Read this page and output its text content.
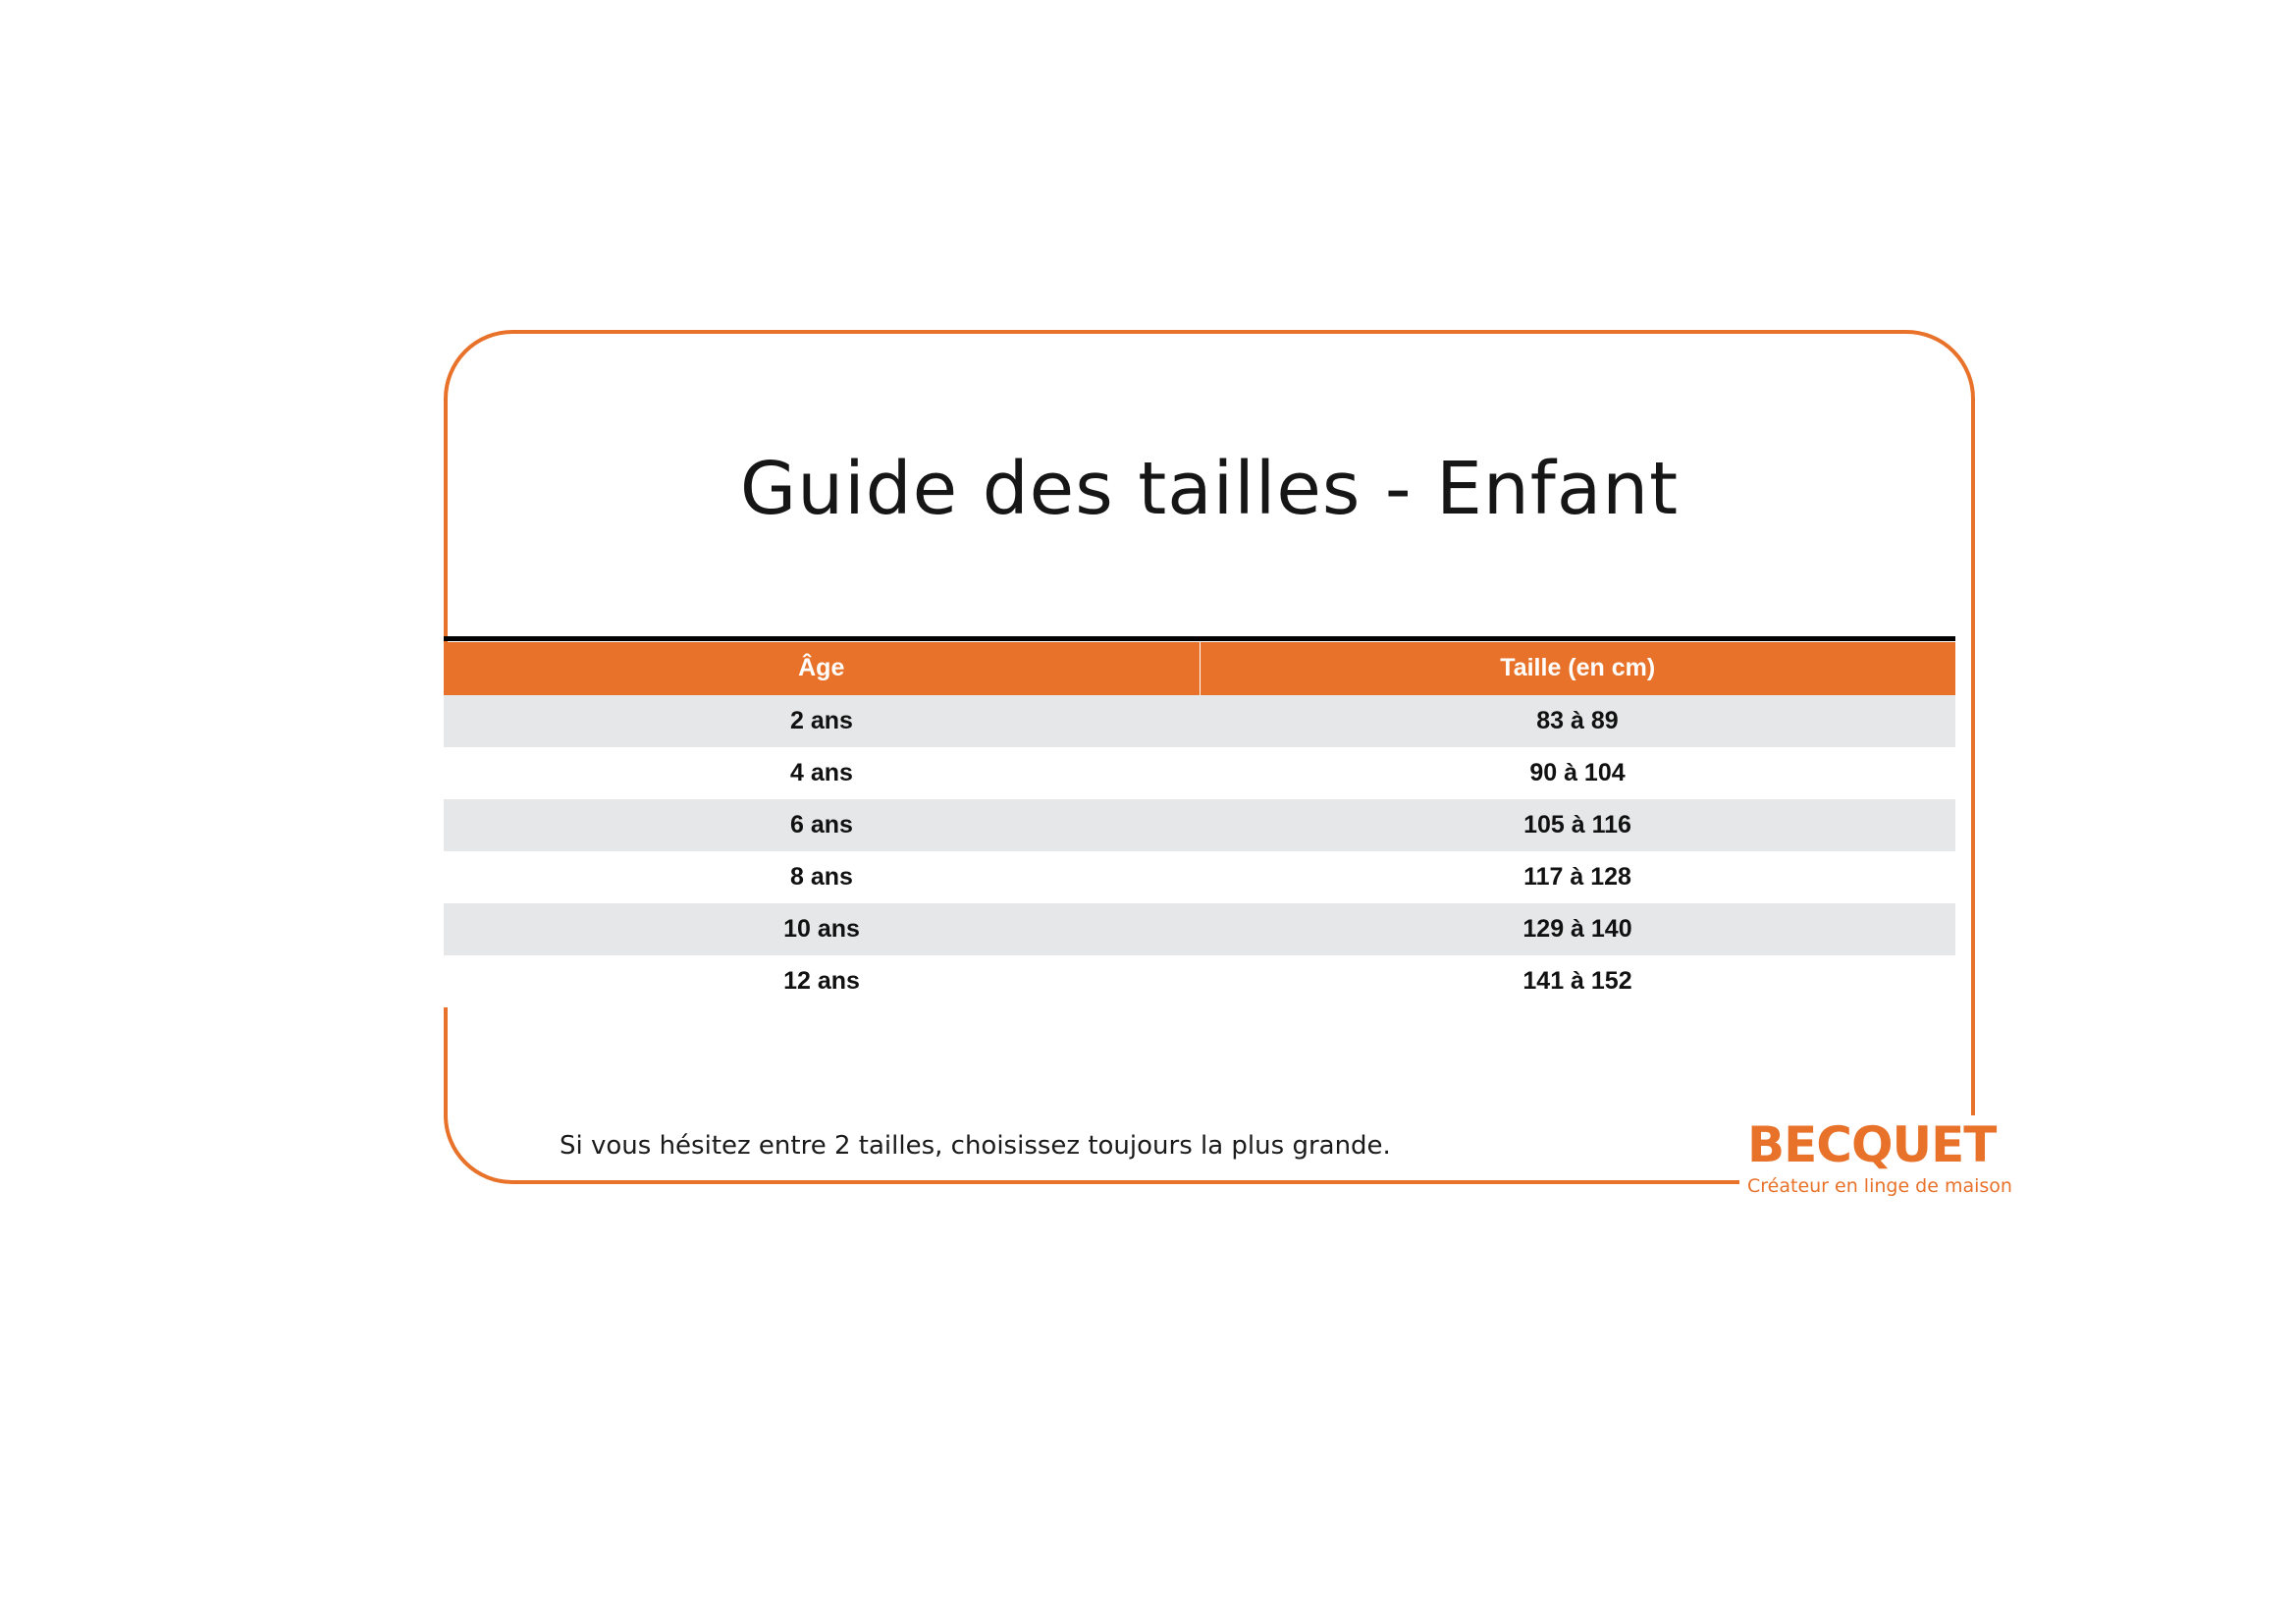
Guide des tailles - Enfant
Âge	Taille (en cm)
2 ans	83 à 89
4 ans	90 à 104
6 ans	105 à 116
8 ans	117 à 128
10 ans	129 à 140
12 ans	141 à 152
Si vous hésitez entre 2 tailles, choisissez toujours la plus grande.	BECQUET
Créateur en linge de maison
